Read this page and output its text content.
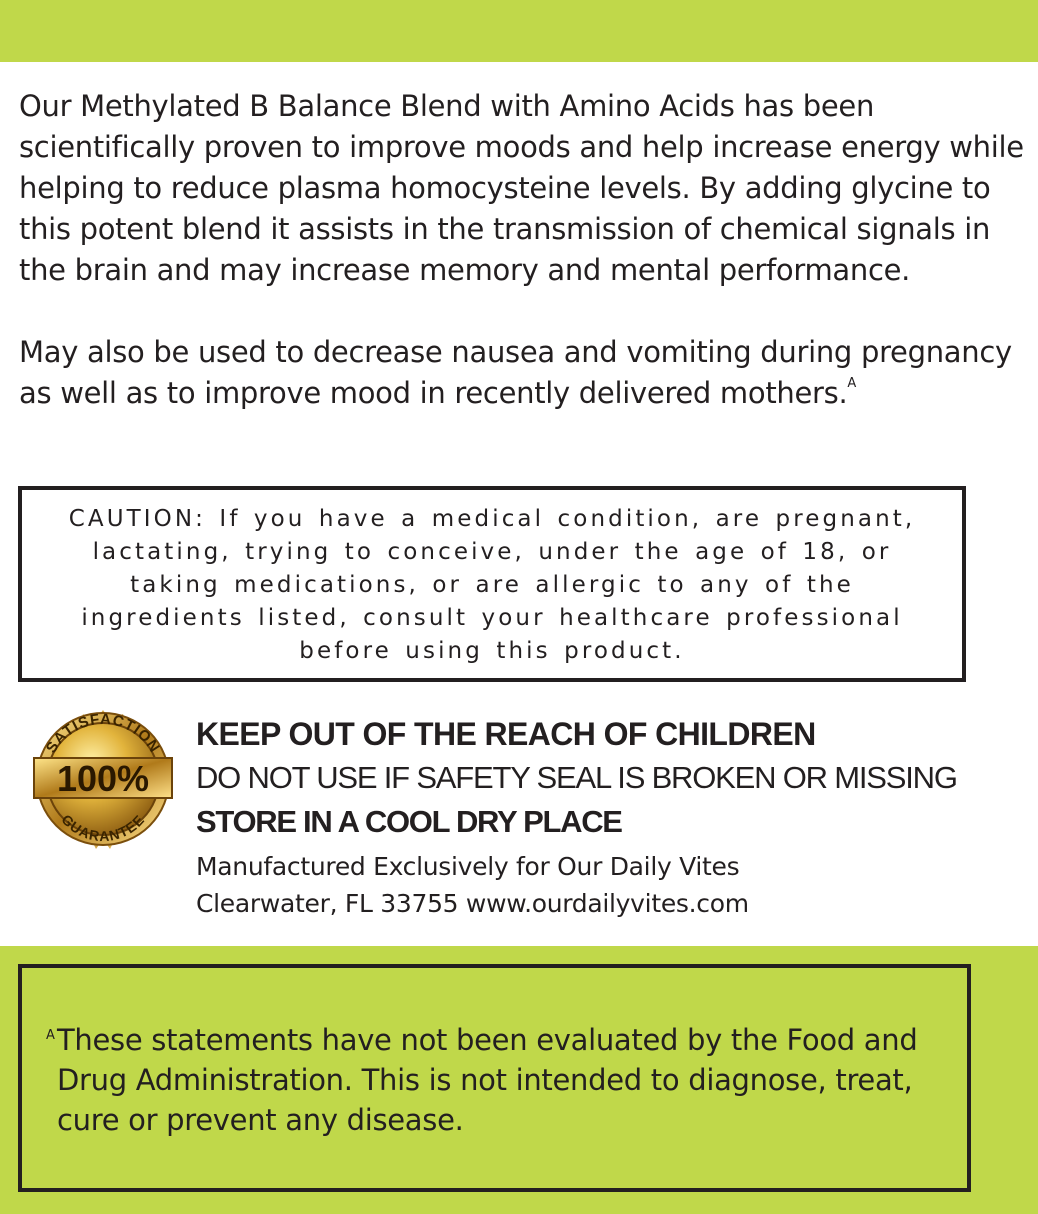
Our Methylated B Balance Blend with Amino Acids has been scientifically proven to improve moods and help increase energy while helping to reduce plasma homocysteine levels. By adding glycine to this potent blend it assists in the transmission of chemical signals in the brain and may increase memory and mental performance.

May also be used to decrease nausea and vomiting during pregnancy as well as to improve mood in recently delivered mothers.$^A$

CAUTION: If you have a medical condition, are pregnant, lactating, trying to conceive, under the age of 18, or taking medications, or are allergic to any of the ingredients listed, consult your healthcare professional before using this product.

SATISFACTION
100%
GUARANTEE
KEEP OUT OF THE REACH OF CHILDREN
DO NOT USE IF SAFETY SEAL IS BROKEN OR MISSING
STORE IN A COOL DRY PLACE
Manufactured Exclusively for Our Daily Vites
Clearwater, FL 33755 www.ourdailyvites.com

A These statements have not been evaluated by the Food and Drug Administration. This is not intended to diagnose, treat, cure or prevent any disease.
